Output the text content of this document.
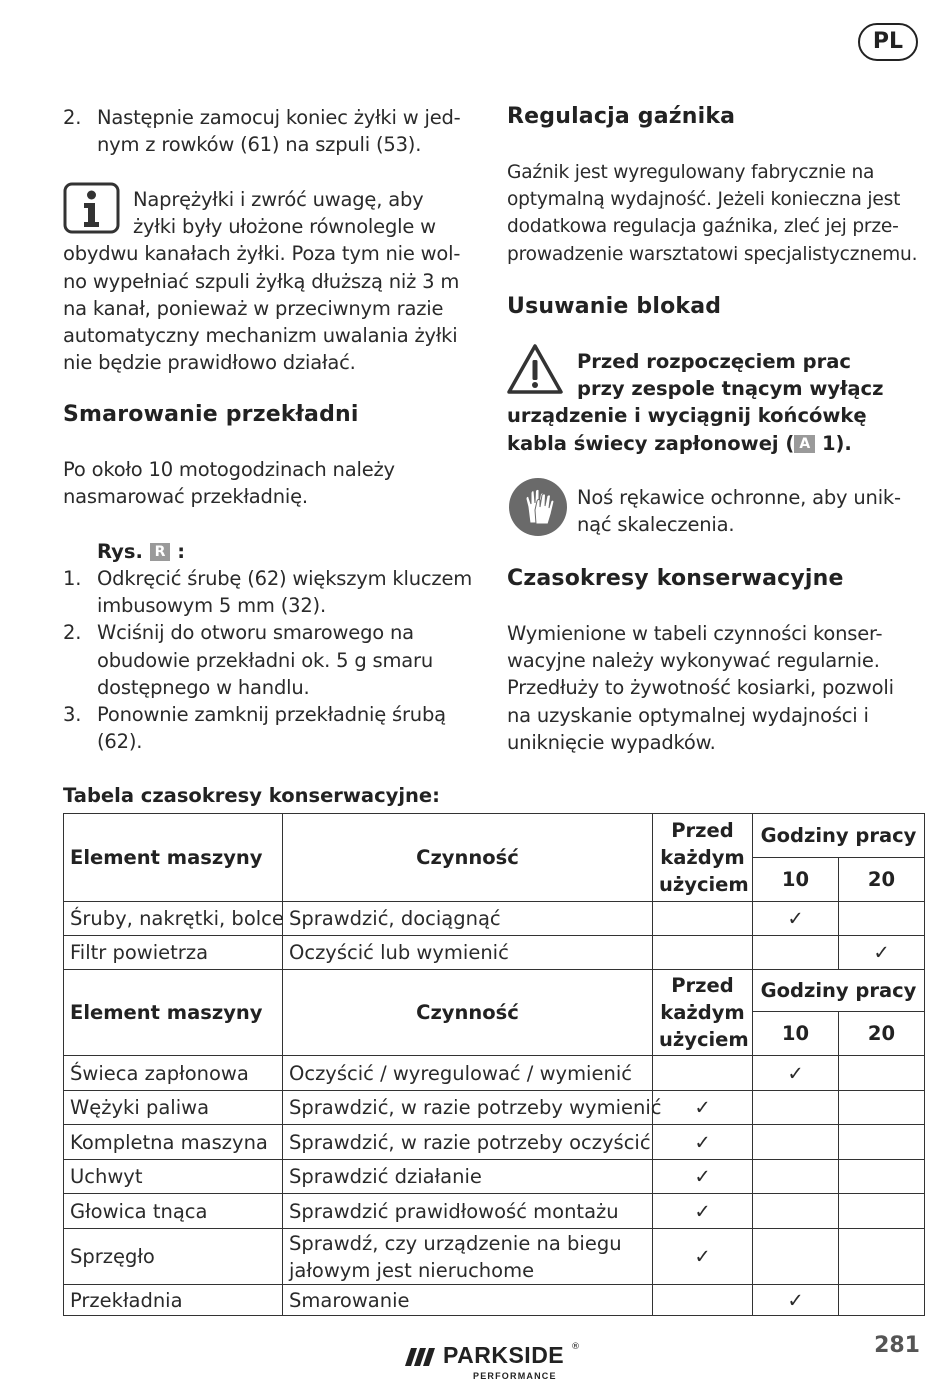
PL
2. Następnie zamocuj koniec żyłki w jed-
nym z rowków (61) na szpuli (53).
Naprężyłki i zwróć uwagę, aby
żyłki były ułożone równolegle w
obydwu kanałach żyłki. Poza tym nie wol-
no wypełniać szpuli żyłką dłuższą niż 3 m
na kanał, ponieważ w przeciwnym razie
automatyczny mechanizm uwalania żyłki
nie będzie prawidłowo działać.
Smarowanie przekładni
Po około 10 motogodzinach należy
nasmarować przekładnię.
Rys. R :
1. Odkręcić śrubę (62) większym kluczem
imbusowym 5 mm (32).
2. Wciśnij do otworu smarowego na
obudowie przekładni ok. 5 g smaru
dostępnego w handlu.
3. Ponownie zamknij przekładnię śrubą
(62).
Regulacja gaźnika
Gaźnik jest wyregulowany fabrycznie na
optymalną wydajność. Jeżeli konieczna jest
dodatkowa regulacja gaźnika, zleć jej prze-
prowadzenie warsztatowi specjalistycznemu.
Usuwanie blokad
Przed rozpoczęciem prac
przy zespole tnącym wyłącz
urządzenie i wyciągnij końcówkę
kabla świecy zapłonowej ( A 1).
Noś rękawice ochronne, aby unik-
nąć skaleczenia.
Czasokresy konserwacyjne
Wymienione w tabeli czynności konser-
wacyjne należy wykonywać regularnie.
Przedłuży to żywotność kosiarki, pozwoli
na uzyskanie optymalnej wydajności i
uniknięcie wypadków.
Tabela czasokresy konserwacyjne:
Element maszyny	Czynność	Przed każdym użyciem	Godziny pracy	
			10	20
Śruby, nakrętki, bolce	Sprawdzić, dociągnąć		✓	
Filtr powietrza	Oczyścić lub wymienić			✓
Element maszyny	Czynność	Przed każdym użyciem	Godziny pracy	
			10	20
Świeca zapłonowa	Oczyścić / wyregulować / wymienić		✓	
Wężyki paliwa	Sprawdzić, w razie potrzeby wymienić	✓		
Kompletna maszyna	Sprawdzić, w razie potrzeby oczyścić	✓		
Uchwyt	Sprawdzić działanie	✓		
Głowica tnąca	Sprawdzić prawidłowość montażu	✓		
Sprzęgło	Sprawdź, czy urządzenie na biegu jałowym jest nieruchome	✓		
Przekładnia	Smarowanie		✓	
281
PARKSIDE ®
PERFORMANCE
